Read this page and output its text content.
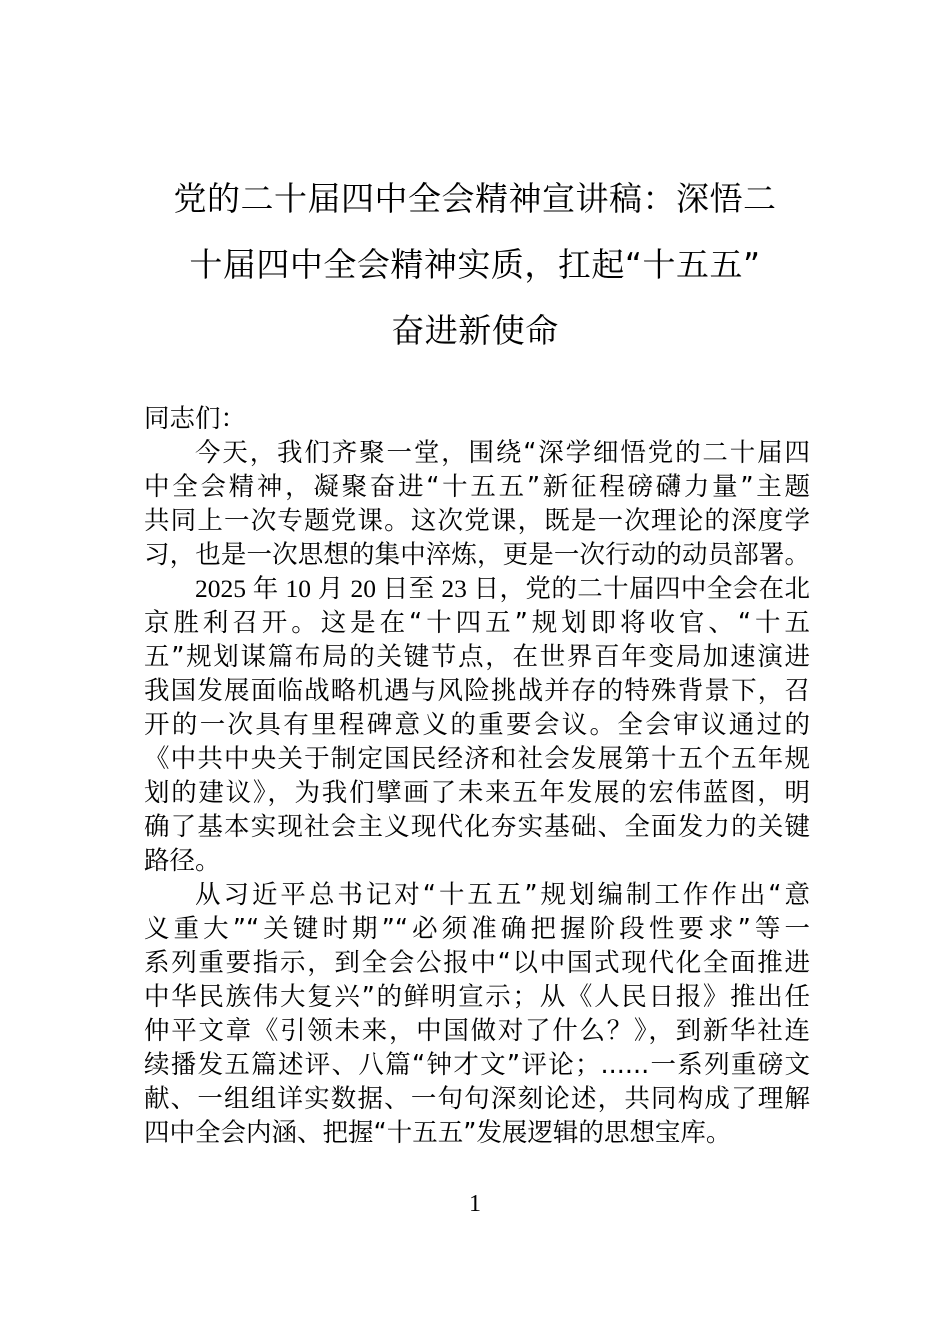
党的二十届四中全会精神宣讲稿：深悟二
十届四中全会精神实质，扛起“十五五”
奋进新使命
同志们：
今天，我们齐聚一堂，围绕“深学细悟党的二十届四
中全会精神，凝聚奋进“十五五”新征程磅礴力量”主题
共同上一次专题党课。这次党课，既是一次理论的深度学
习，也是一次思想的集中淬炼，更是一次行动的动员部署。
2025 年 10 月 20 日至 23 日，党的二十届四中全会在北
京胜利召开。这是在“十四五”规划即将收官、“十五
五”规划谋篇布局的关键节点，在世界百年变局加速演进
我国发展面临战略机遇与风险挑战并存的特殊背景下，召
开的一次具有里程碑意义的重要会议。全会审议通过的
《中共中央关于制定国民经济和社会发展第十五个五年规
划的建议》，为我们擘画了未来五年发展的宏伟蓝图，明
确了基本实现社会主义现代化夯实基础、全面发力的关键
路径。
从习近平总书记对“十五五”规划编制工作作出“意
义重大”“关键时期”“必须准确把握阶段性要求”等一
系列重要指示，到全会公报中“以中国式现代化全面推进
中华民族伟大复兴”的鲜明宣示；从《人民日报》推出任
仲平文章《引领未来，中国做对了什么？》，到新华社连
续播发五篇述评、八篇“钟才文”评论；......一系列重磅文
献、一组组详实数据、一句句深刻论述，共同构成了理解
四中全会内涵、把握“十五五”发展逻辑的思想宝库。
1
